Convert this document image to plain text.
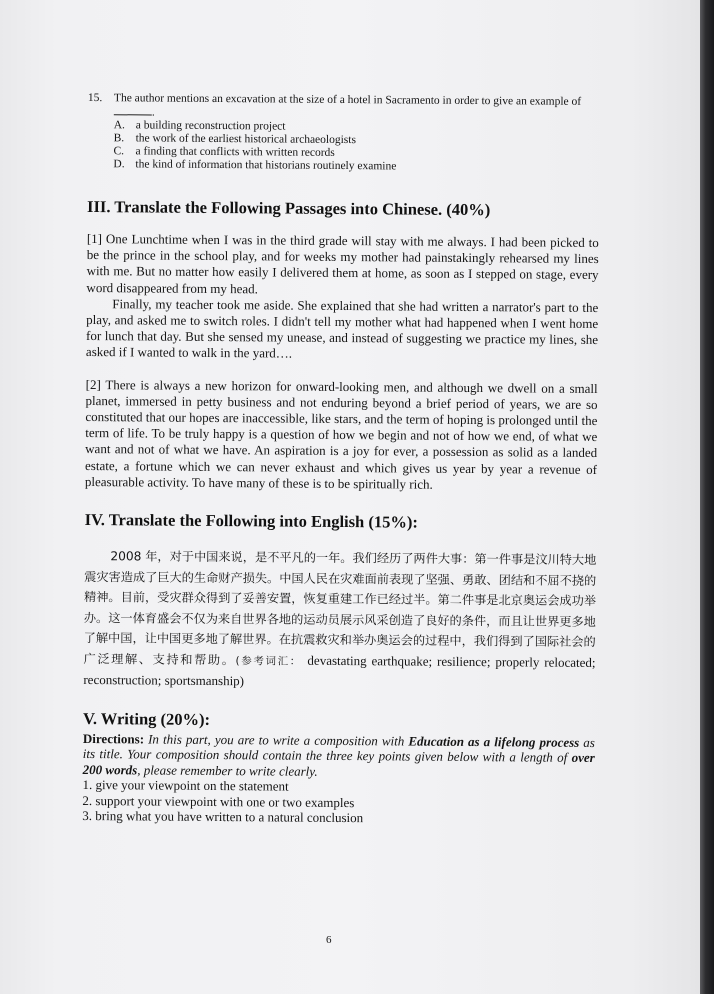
15.	The author mentions an excavation at the size of a hotel in Sacramento in order to give an example of .
A. a building reconstruction project
B. the work of the earliest historical archaeologists
C. a finding that conflicts with written records
D. the kind of information that historians routinely examine
III. Translate the Following Passages into Chinese. (40%)

[1] One Lunchtime when I was in the third grade will stay with me always. I had been picked to be the prince in the school play, and for weeks my mother had painstakingly rehearsed my lines with me. But no matter how easily I delivered them at home, as soon as I stepped on stage, every word disappeared from my head.

Finally, my teacher took me aside. She explained that she had written a narrator's part to the play, and asked me to switch roles. I didn't tell my mother what had happened when I went home for lunch that day. But she sensed my unease, and instead of suggesting we practice my lines, she asked if I wanted to walk in the yard….

[2] There is always a new horizon for onward-looking men, and although we dwell on a small planet, immersed in petty business and not enduring beyond a brief period of years, we are so constituted that our hopes are inaccessible, like stars, and the term of hoping is prolonged until the term of life. To be truly happy is a question of how we begin and not of how we end, of what we want and not of what we have. An aspiration is a joy for ever, a possession as solid as a landed estate, a fortune which we can never exhaust and which gives us year by year a revenue of pleasurable activity. To have many of these is to be spiritually rich.

IV. Translate the Following into English (15%):

2008 年，对于中国来说，是不平凡的一年。我们经历了两件大事：第一件事是汶川特大地震灾害造成了巨大的生命财产损失。中国人民在灾难面前表现了坚强、勇敢、团结和不屈不挠的精神。目前，受灾群众得到了妥善安置，恢复重建工作已经过半。第二件事是北京奥运会成功举办。这一体育盛会不仅为来自世界各地的运动员展示风采创造了良好的条件，而且让世界更多地了解中国，让中国更多地了解世界。在抗震救灾和举办奥运会的过程中，我们得到了国际社会的广泛理解、支持和帮助。(参考词汇： devastating earthquake; resilience; properly relocated; reconstruction; sportsmanship)

V. Writing (20%):

Directions: In this part, you are to write a composition with Education as a lifelong process as its title. Your composition should contain the three key points given below with a length of over 200 words, please remember to write clearly.

1. give your viewpoint on the statement
2. support your viewpoint with one or two examples
3. bring what you have written to a natural conclusion
6
